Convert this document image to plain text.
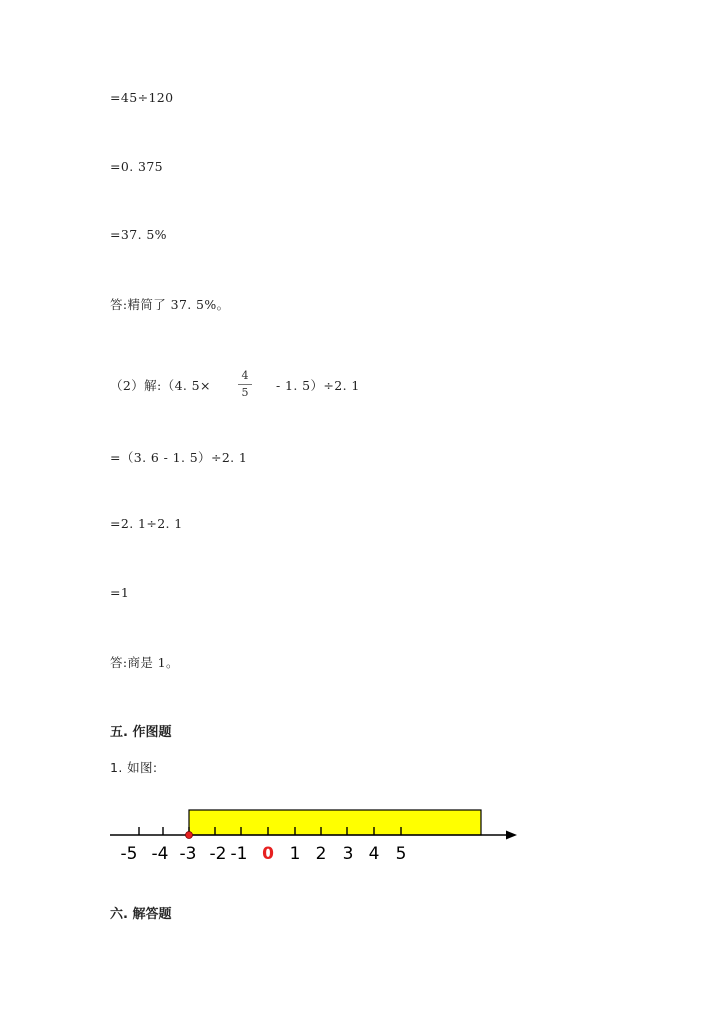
=45÷120
=0. 375
=37. 5%
答:精简了 37. 5%。
（2）解:（4. 5×
4
5 - 1. 5）÷2. 1
=（3. 6 - 1. 5）÷2. 1
=2. 1÷2. 1
=1
答:商是 1。
五. 作图题
1. 如图:
-5 -4 -3 -2 -1 0 1 2 3 4 5
六. 解答题
